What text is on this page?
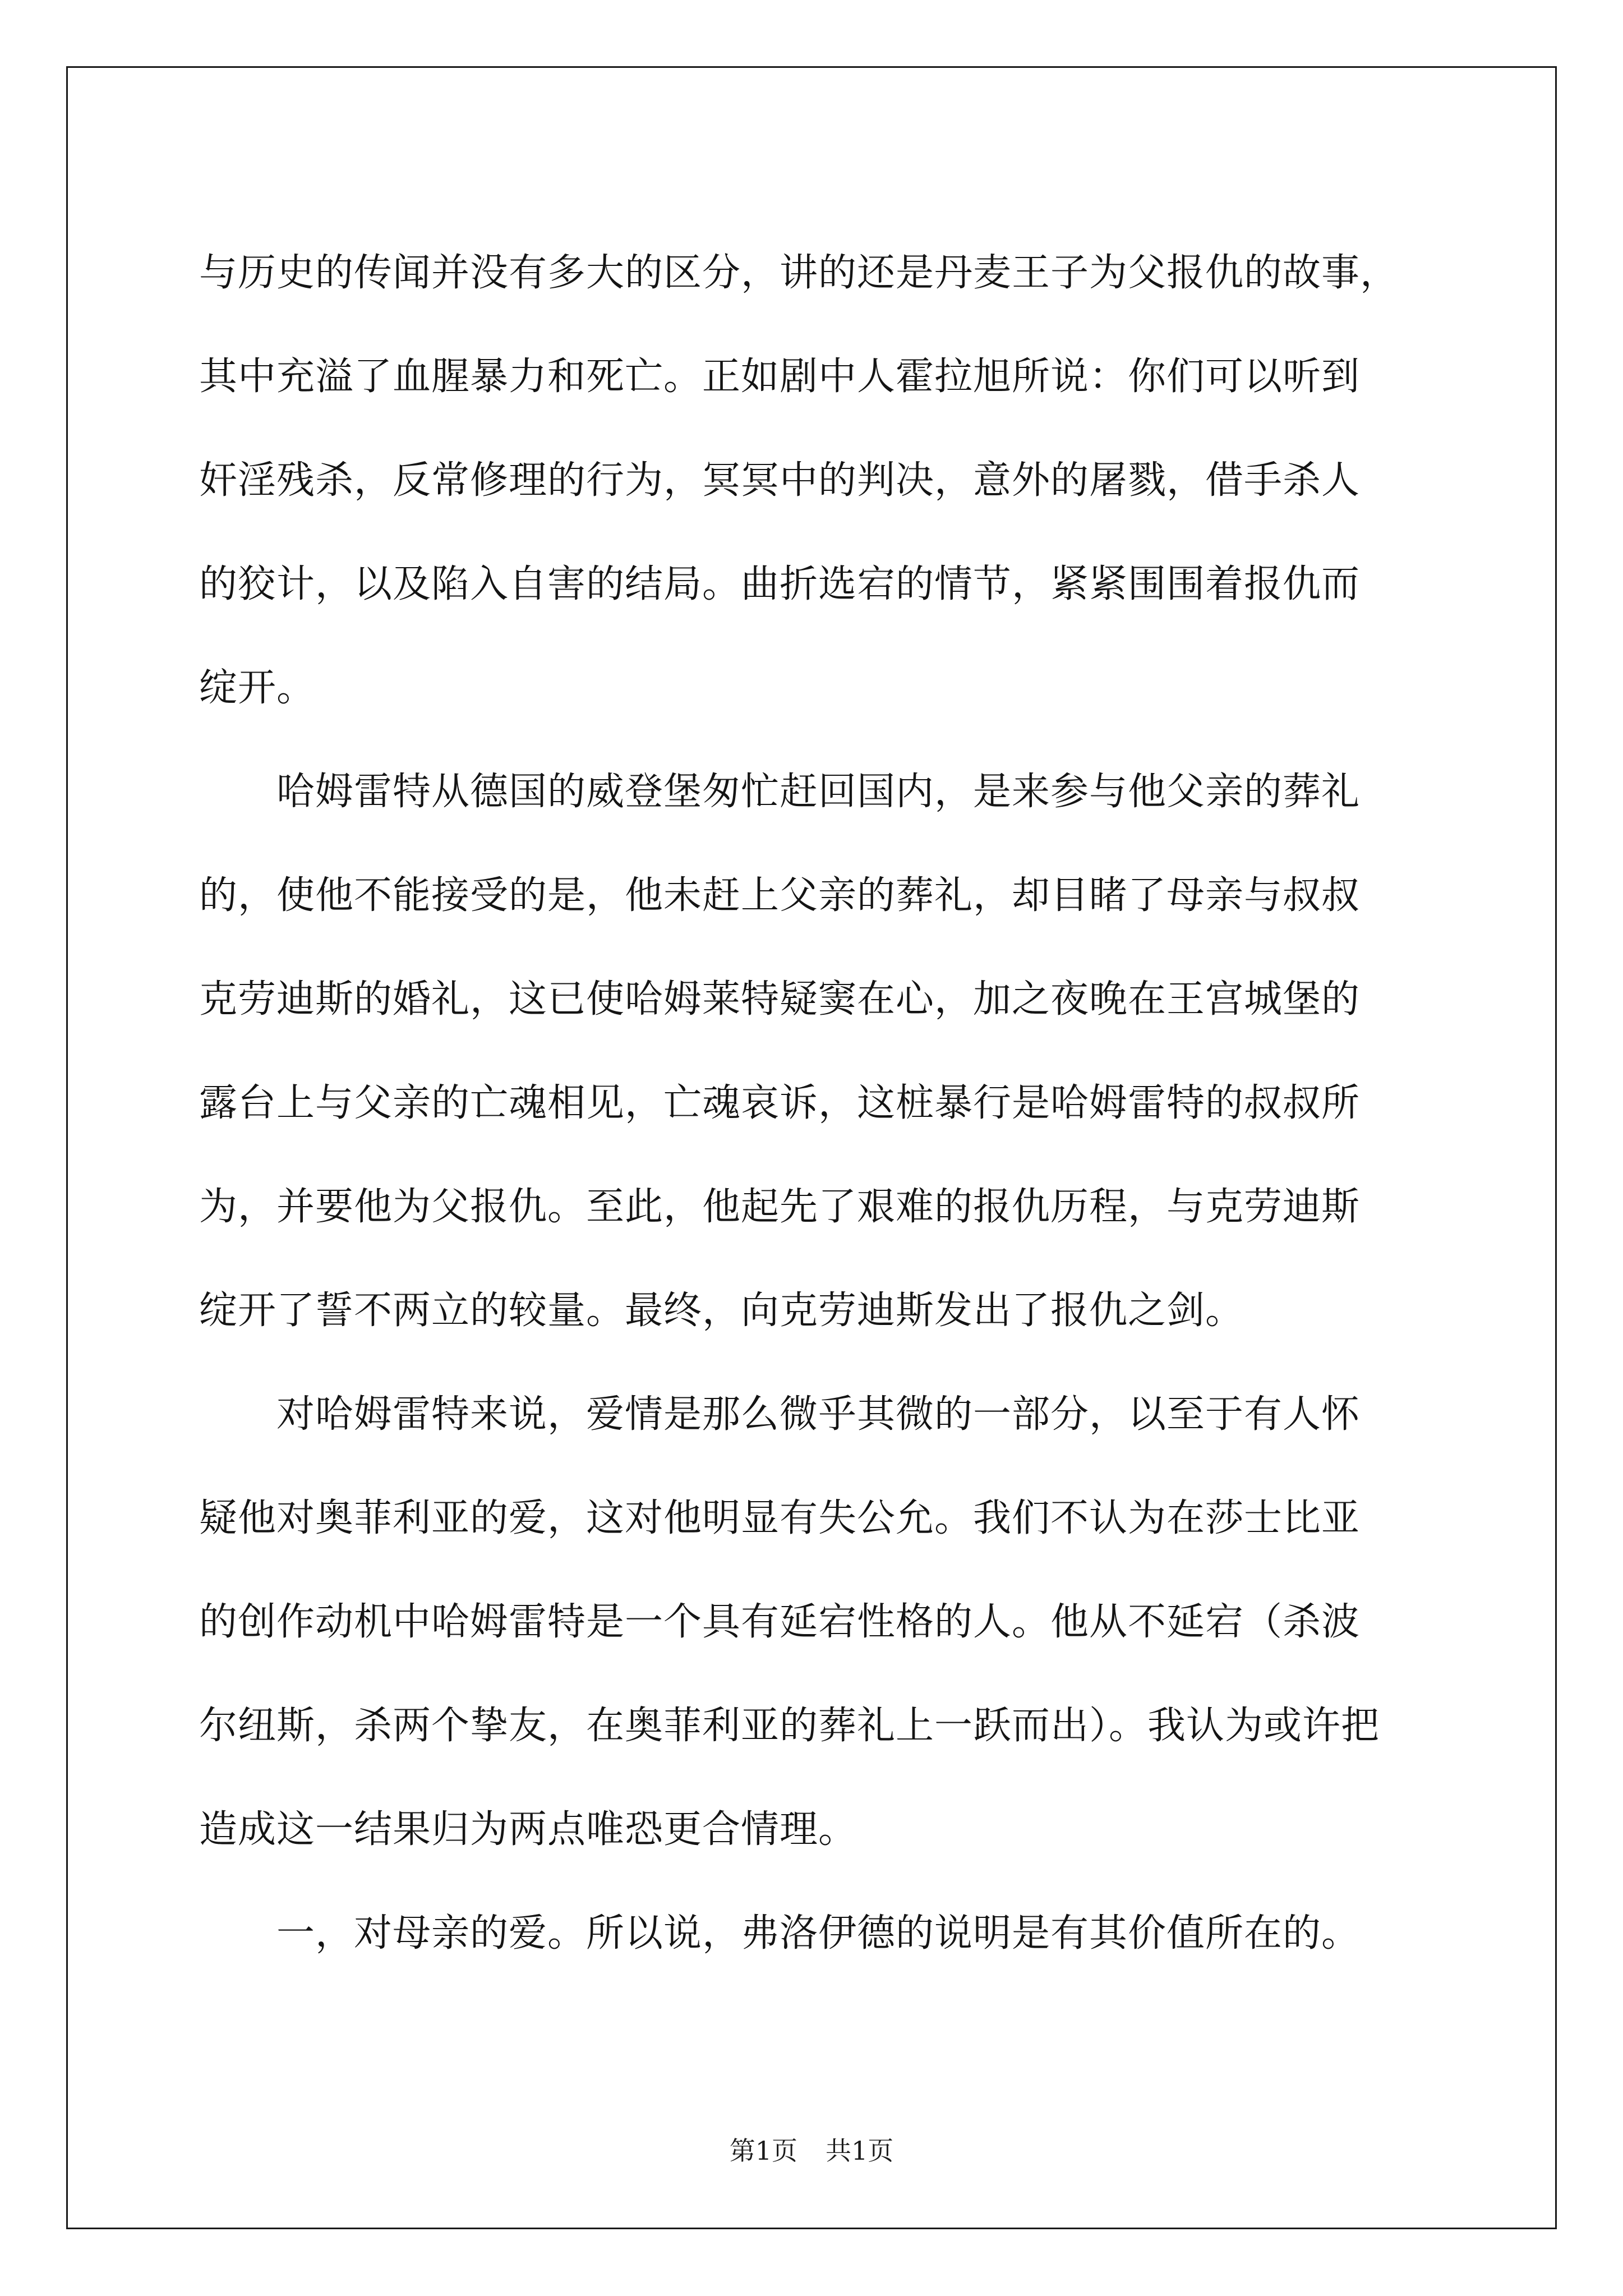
与历史的传闻并没有多大的区分，讲的还是丹麦王子为父报仇的故事，
其中充溢了血腥暴力和死亡。正如剧中人霍拉旭所说：你们可以听到
奸淫残杀，反常修理的行为，冥冥中的判决，意外的屠戮，借手杀人
的狡计，以及陷入自害的结局。曲折选宕的情节，紧紧围围着报仇而
绽开。
　　哈姆雷特从德国的威登堡匆忙赶回国内，是来参与他父亲的葬礼
的，使他不能接受的是，他未赶上父亲的葬礼，却目睹了母亲与叔叔
克劳迪斯的婚礼，这已使哈姆莱特疑窦在心，加之夜晚在王宫城堡的
露台上与父亲的亡魂相见，亡魂哀诉，这桩暴行是哈姆雷特的叔叔所
为，并要他为父报仇。至此，他起先了艰难的报仇历程，与克劳迪斯
绽开了誓不两立的较量。最终，向克劳迪斯发出了报仇之剑。
　　对哈姆雷特来说，爱情是那么微乎其微的一部分，以至于有人怀
疑他对奥菲利亚的爱，这对他明显有失公允。我们不认为在莎士比亚
的创作动机中哈姆雷特是一个具有延宕性格的人。他从不延宕（杀波
尔纽斯，杀两个挚友，在奥菲利亚的葬礼上一跃而出）。我认为或许把
造成这一结果归为两点唯恐更合情理。
　　一，对母亲的爱。所以说，弗洛伊德的说明是有其价值所在的。
第1页 共1页
